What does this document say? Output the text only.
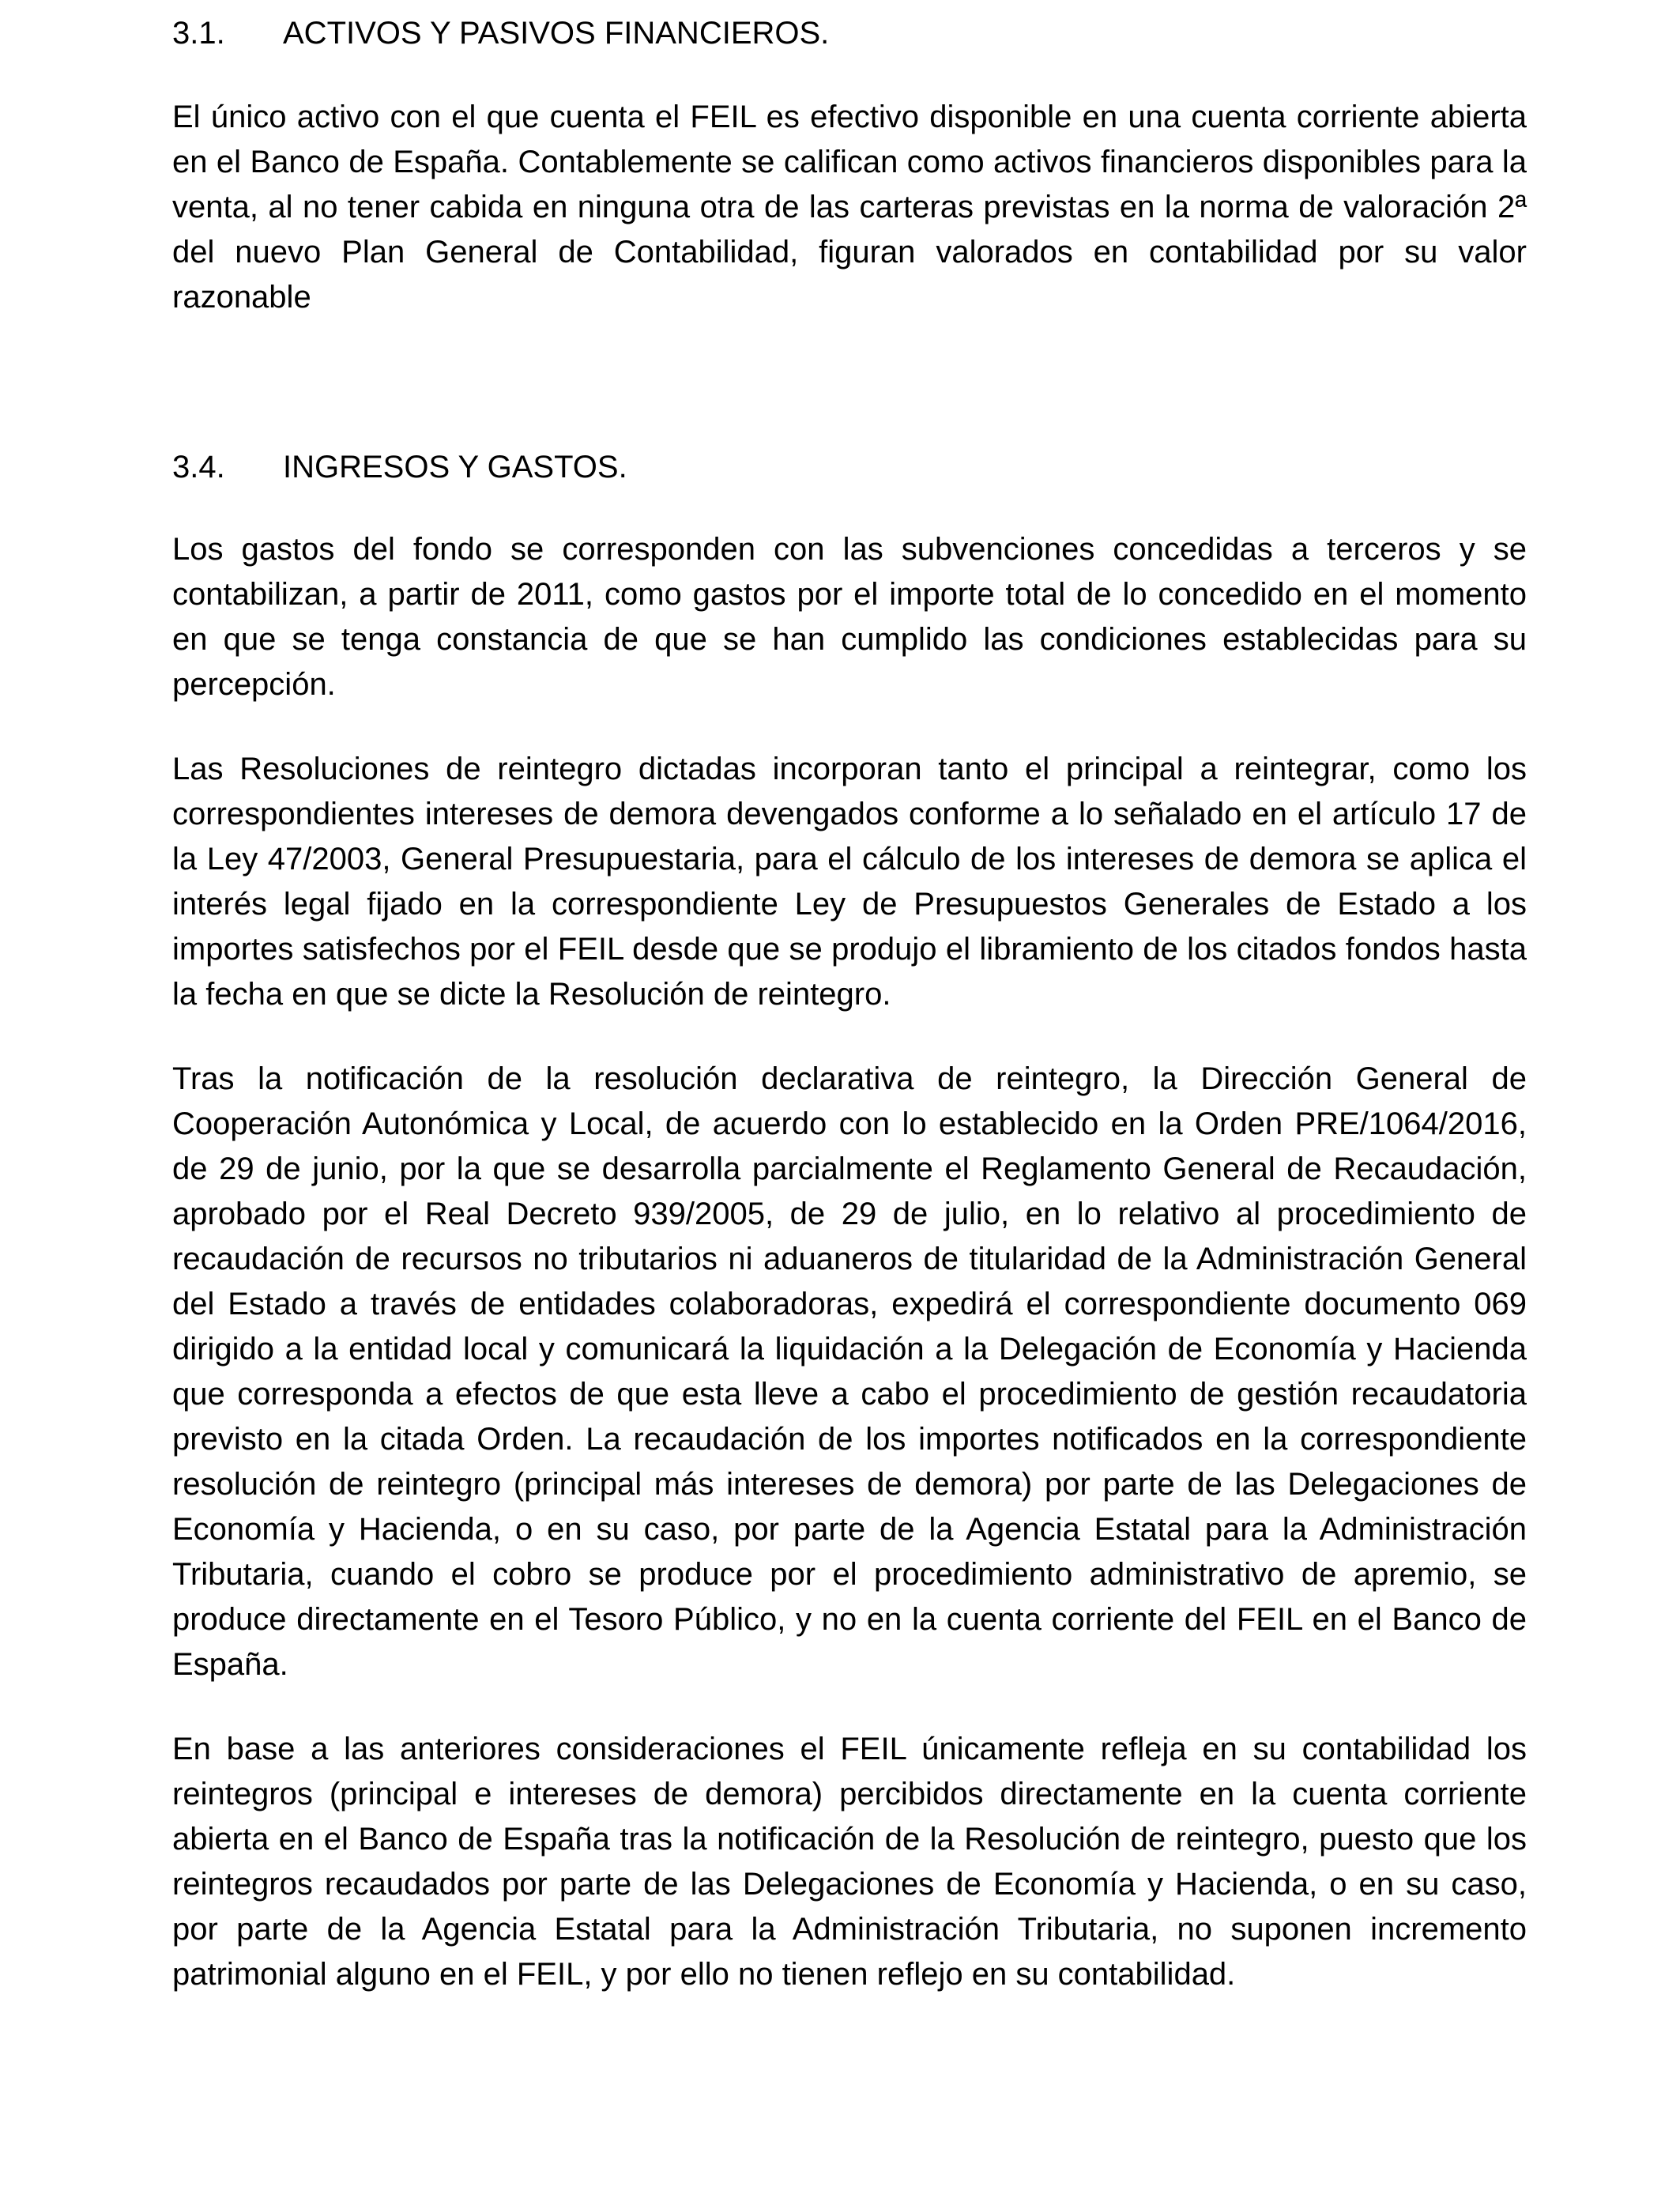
3.1.	ACTIVOS Y PASIVOS FINANCIEROS.

El único activo con el que cuenta el FEIL es efectivo disponible en una cuenta corriente abierta en el Banco de España. Contablemente se califican como activos financieros disponibles para la venta, al no tener cabida en ninguna otra de las carteras previstas en la norma de valoración 2ª del nuevo Plan General de Contabilidad, figuran valorados en contabilidad por su valor razonable

3.4.	INGRESOS Y GASTOS.

Los gastos del fondo se corresponden con las subvenciones concedidas a terceros y se contabilizan, a partir de 2011, como gastos por el importe total de lo concedido en el momento en que se tenga constancia de que se han cumplido las condiciones establecidas para su percepción.

Las Resoluciones de reintegro dictadas incorporan tanto el principal a reintegrar, como los correspondientes intereses de demora devengados conforme a lo señalado en el artículo 17 de la Ley 47/2003, General Presupuestaria, para el cálculo de los intereses de demora se aplica el interés legal fijado en la correspondiente Ley de Presupuestos Generales de Estado a los importes satisfechos por el FEIL desde que se produjo el libramiento de los citados fondos hasta la fecha en que se dicte la Resolución de reintegro.

Tras la notificación de la resolución declarativa de reintegro, la Dirección General de Cooperación Autonómica y Local, de acuerdo con lo establecido en la Orden PRE/1064/2016, de 29 de junio, por la que se desarrolla parcialmente el Reglamento General de Recaudación, aprobado por el Real Decreto 939/2005, de 29 de julio, en lo relativo al procedimiento de recaudación de recursos no tributarios ni aduaneros de titularidad de la Administración General del Estado a través de entidades colaboradoras, expedirá el correspondiente documento 069 dirigido a la entidad local y comunicará la liquidación a la Delegación de Economía y Hacienda que corresponda a efectos de que esta lleve a cabo el procedimiento de gestión recaudatoria previsto en la citada Orden. La recaudación de los importes notificados en la correspondiente resolución de reintegro (principal más intereses de demora) por parte de las Delegaciones de Economía y Hacienda, o en su caso, por parte de la Agencia Estatal para la Administración Tributaria, cuando el cobro se produce por el procedimiento administrativo de apremio, se produce directamente en el Tesoro Público, y no en la cuenta corriente del FEIL en el Banco de España.

En base a las anteriores consideraciones el FEIL únicamente refleja en su contabilidad los reintegros (principal e intereses de demora) percibidos directamente en la cuenta corriente abierta en el Banco de España tras la notificación de la Resolución de reintegro, puesto que los reintegros recaudados por parte de las Delegaciones de Economía y Hacienda, o en su caso, por parte de la Agencia Estatal para la Administración Tributaria, no suponen incremento patrimonial alguno en el FEIL, y por ello no tienen reflejo en su contabilidad.
